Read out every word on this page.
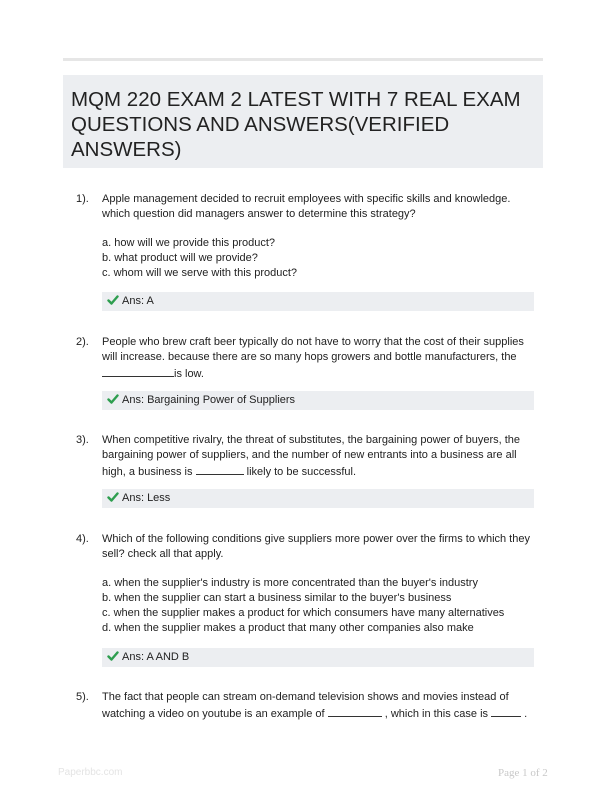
MQM 220 EXAM 2 LATEST WITH 7 REAL EXAM QUESTIONS AND ANSWERS(VERIFIED ANSWERS)
1). Apple management decided to recruit employees with specific skills and knowledge. which question did managers answer to determine this strategy?

a. how will we provide this product?
b. what product will we provide?
c. whom will we serve with this product?
Ans: A
2). People who brew craft beer typically do not have to worry that the cost of their supplies will increase. because there are so many hops growers and bottle manufacturers, the is low.

Ans: Bargaining Power of Suppliers
3). When competitive rivalry, the threat of substitutes, the bargaining power of buyers, the bargaining power of suppliers, and the number of new entrants into a business are all high, a business is	likely to be successful.

Ans: Less
4). Which of the following conditions give suppliers more power over the firms to which they sell? check all that apply.

a. when the supplier's industry is more concentrated than the buyer's industry
b. when the supplier can start a business similar to the buyer's business
c. when the supplier makes a product for which consumers have many alternatives
d. when the supplier makes a product that many other companies also make
Ans: A AND B
5). The fact that people can stream on-demand television shows and movies instead of watching a video on youtube is an example of	, which in this case is	.

Paperbbc.com	Page 1 of 2
